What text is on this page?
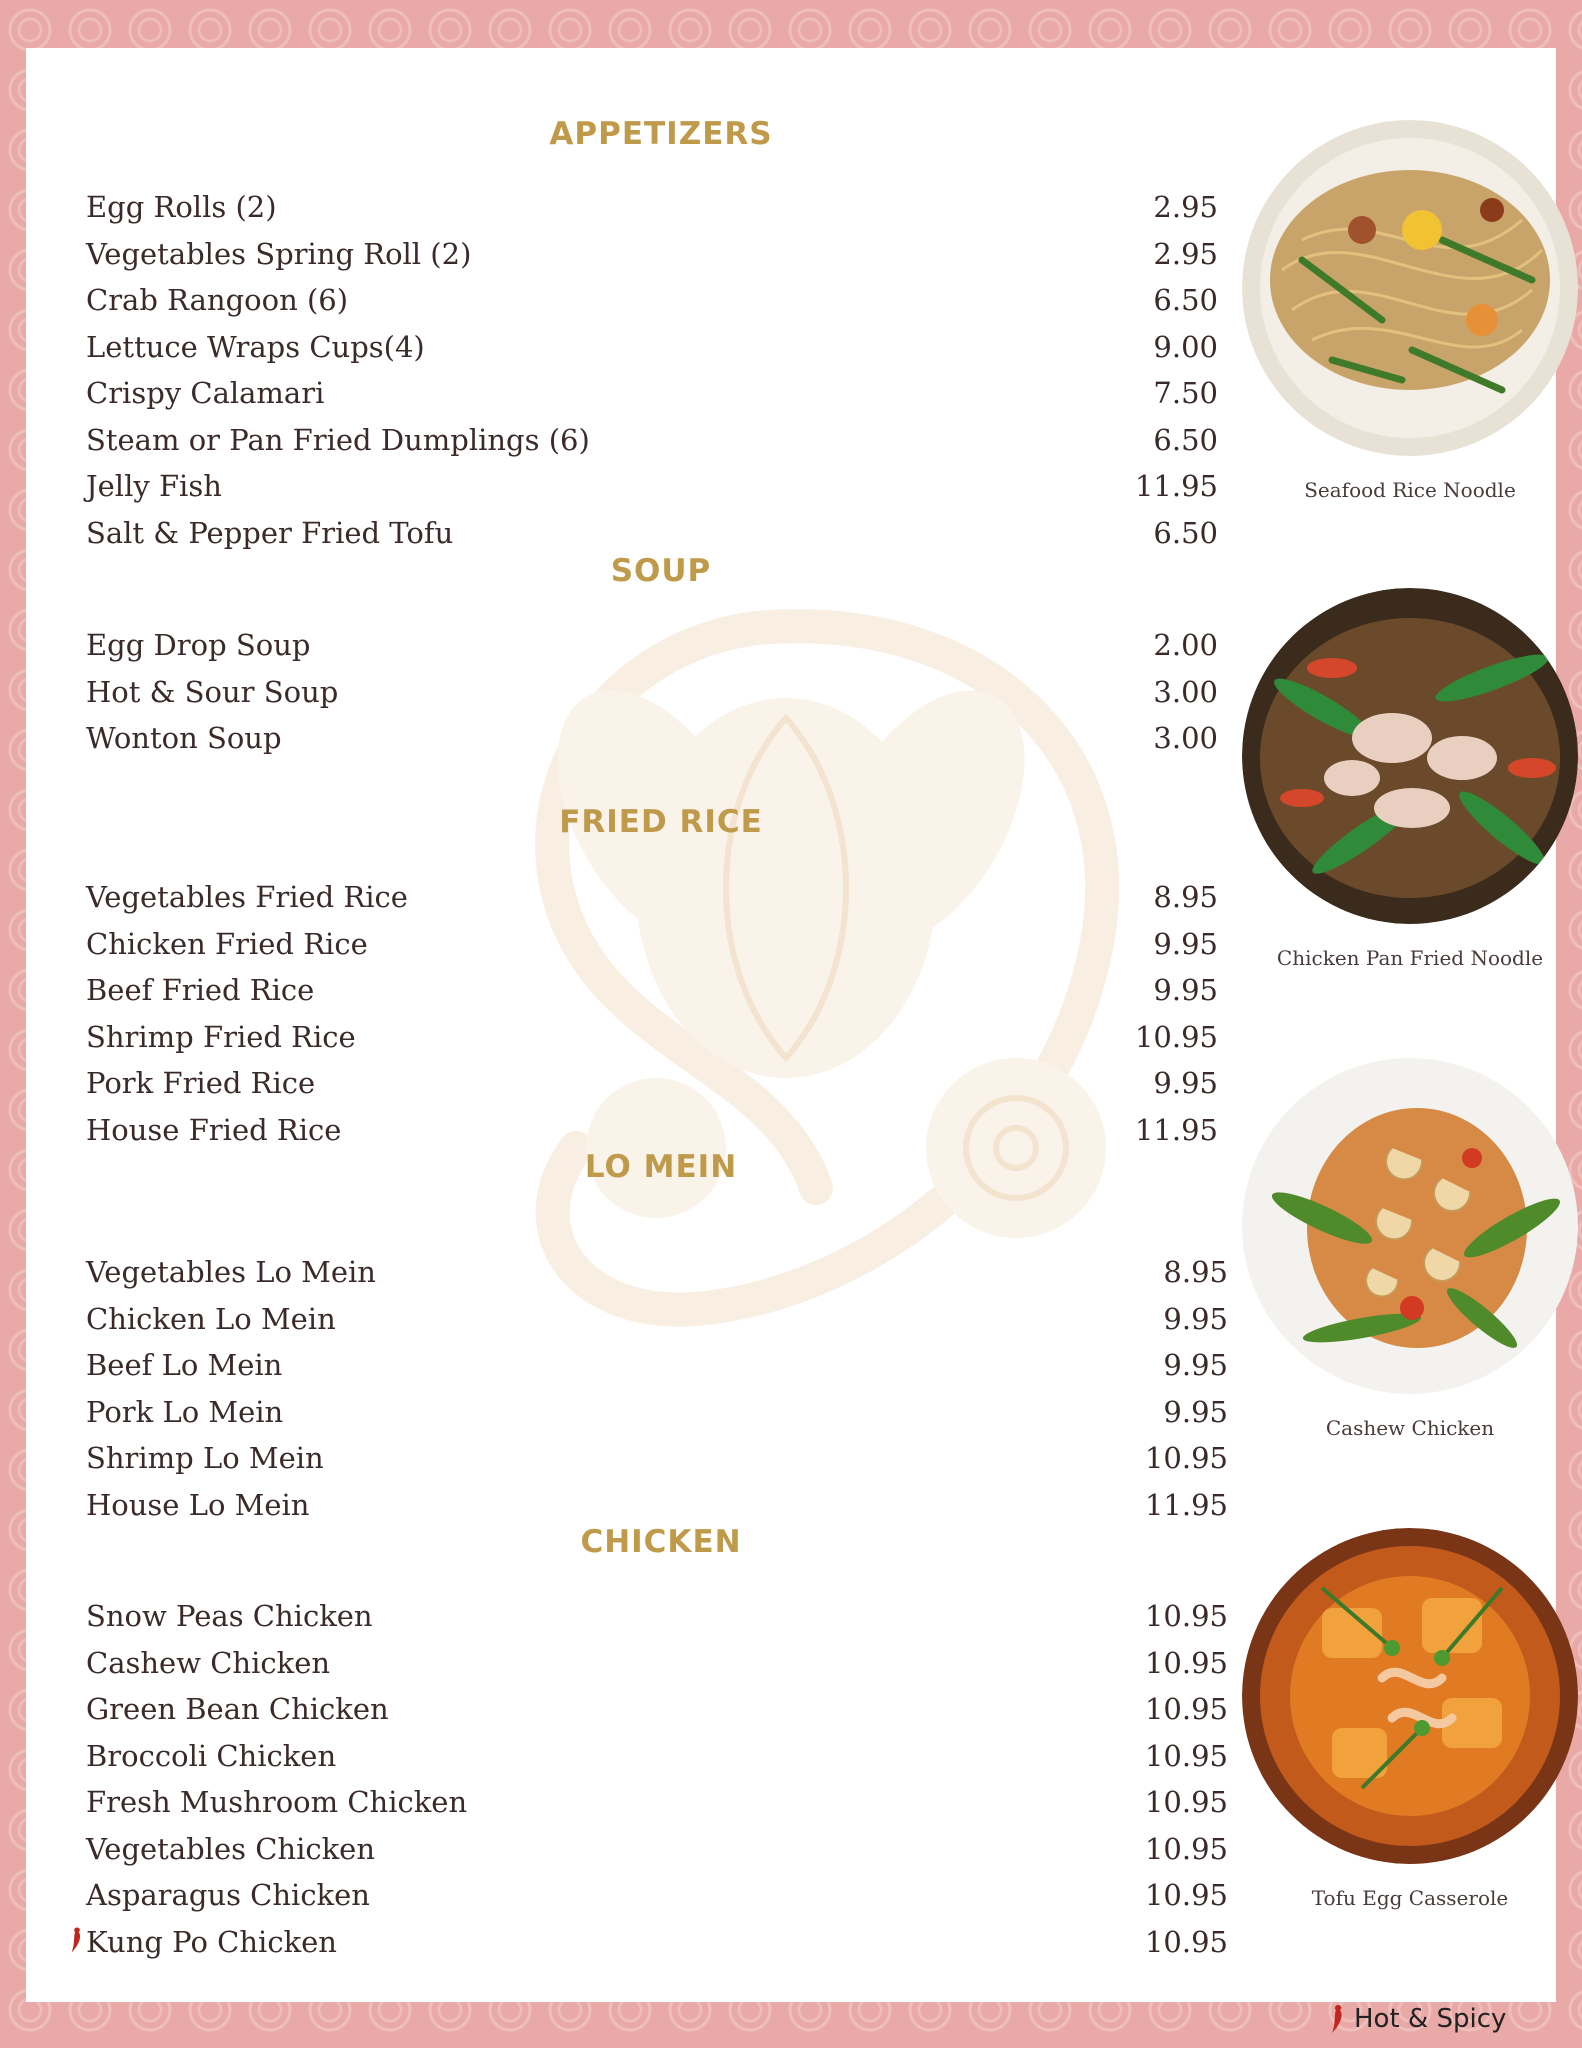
APPETIZERS
Egg Rolls (2)	2.95
Vegetables Spring Roll (2)	2.95
Crab Rangoon (6)	6.50
Lettuce Wraps Cups(4)	9.00
Crispy Calamari	7.50
Steam or Pan Fried Dumplings (6)	6.50
Jelly Fish	11.95
Salt & Pepper Fried Tofu	6.50
SOUP
Egg Drop Soup	2.00
Hot & Sour Soup	3.00
Wonton Soup	3.00
FRIED RICE
Vegetables Fried Rice	8.95
Chicken Fried Rice	9.95
Beef Fried Rice	9.95
Shrimp Fried Rice	10.95
Pork Fried Rice	9.95
House Fried Rice	11.95
LO MEIN
Vegetables Lo Mein	8.95
Chicken Lo Mein	9.95
Beef Lo Mein	9.95
Pork Lo Mein	9.95
Shrimp Lo Mein	10.95
House Lo Mein	11.95
CHICKEN
Snow Peas Chicken	10.95
Cashew Chicken	10.95
Green Bean Chicken	10.95
Broccoli Chicken	10.95
Fresh Mushroom Chicken	10.95
Vegetables Chicken	10.95
Asparagus Chicken	10.95
Kung Po Chicken	10.95
Seafood Rice Noodle
Chicken Pan Fried Noodle
Cashew Chicken
Tofu Egg Casserole
Hot & Spicy
